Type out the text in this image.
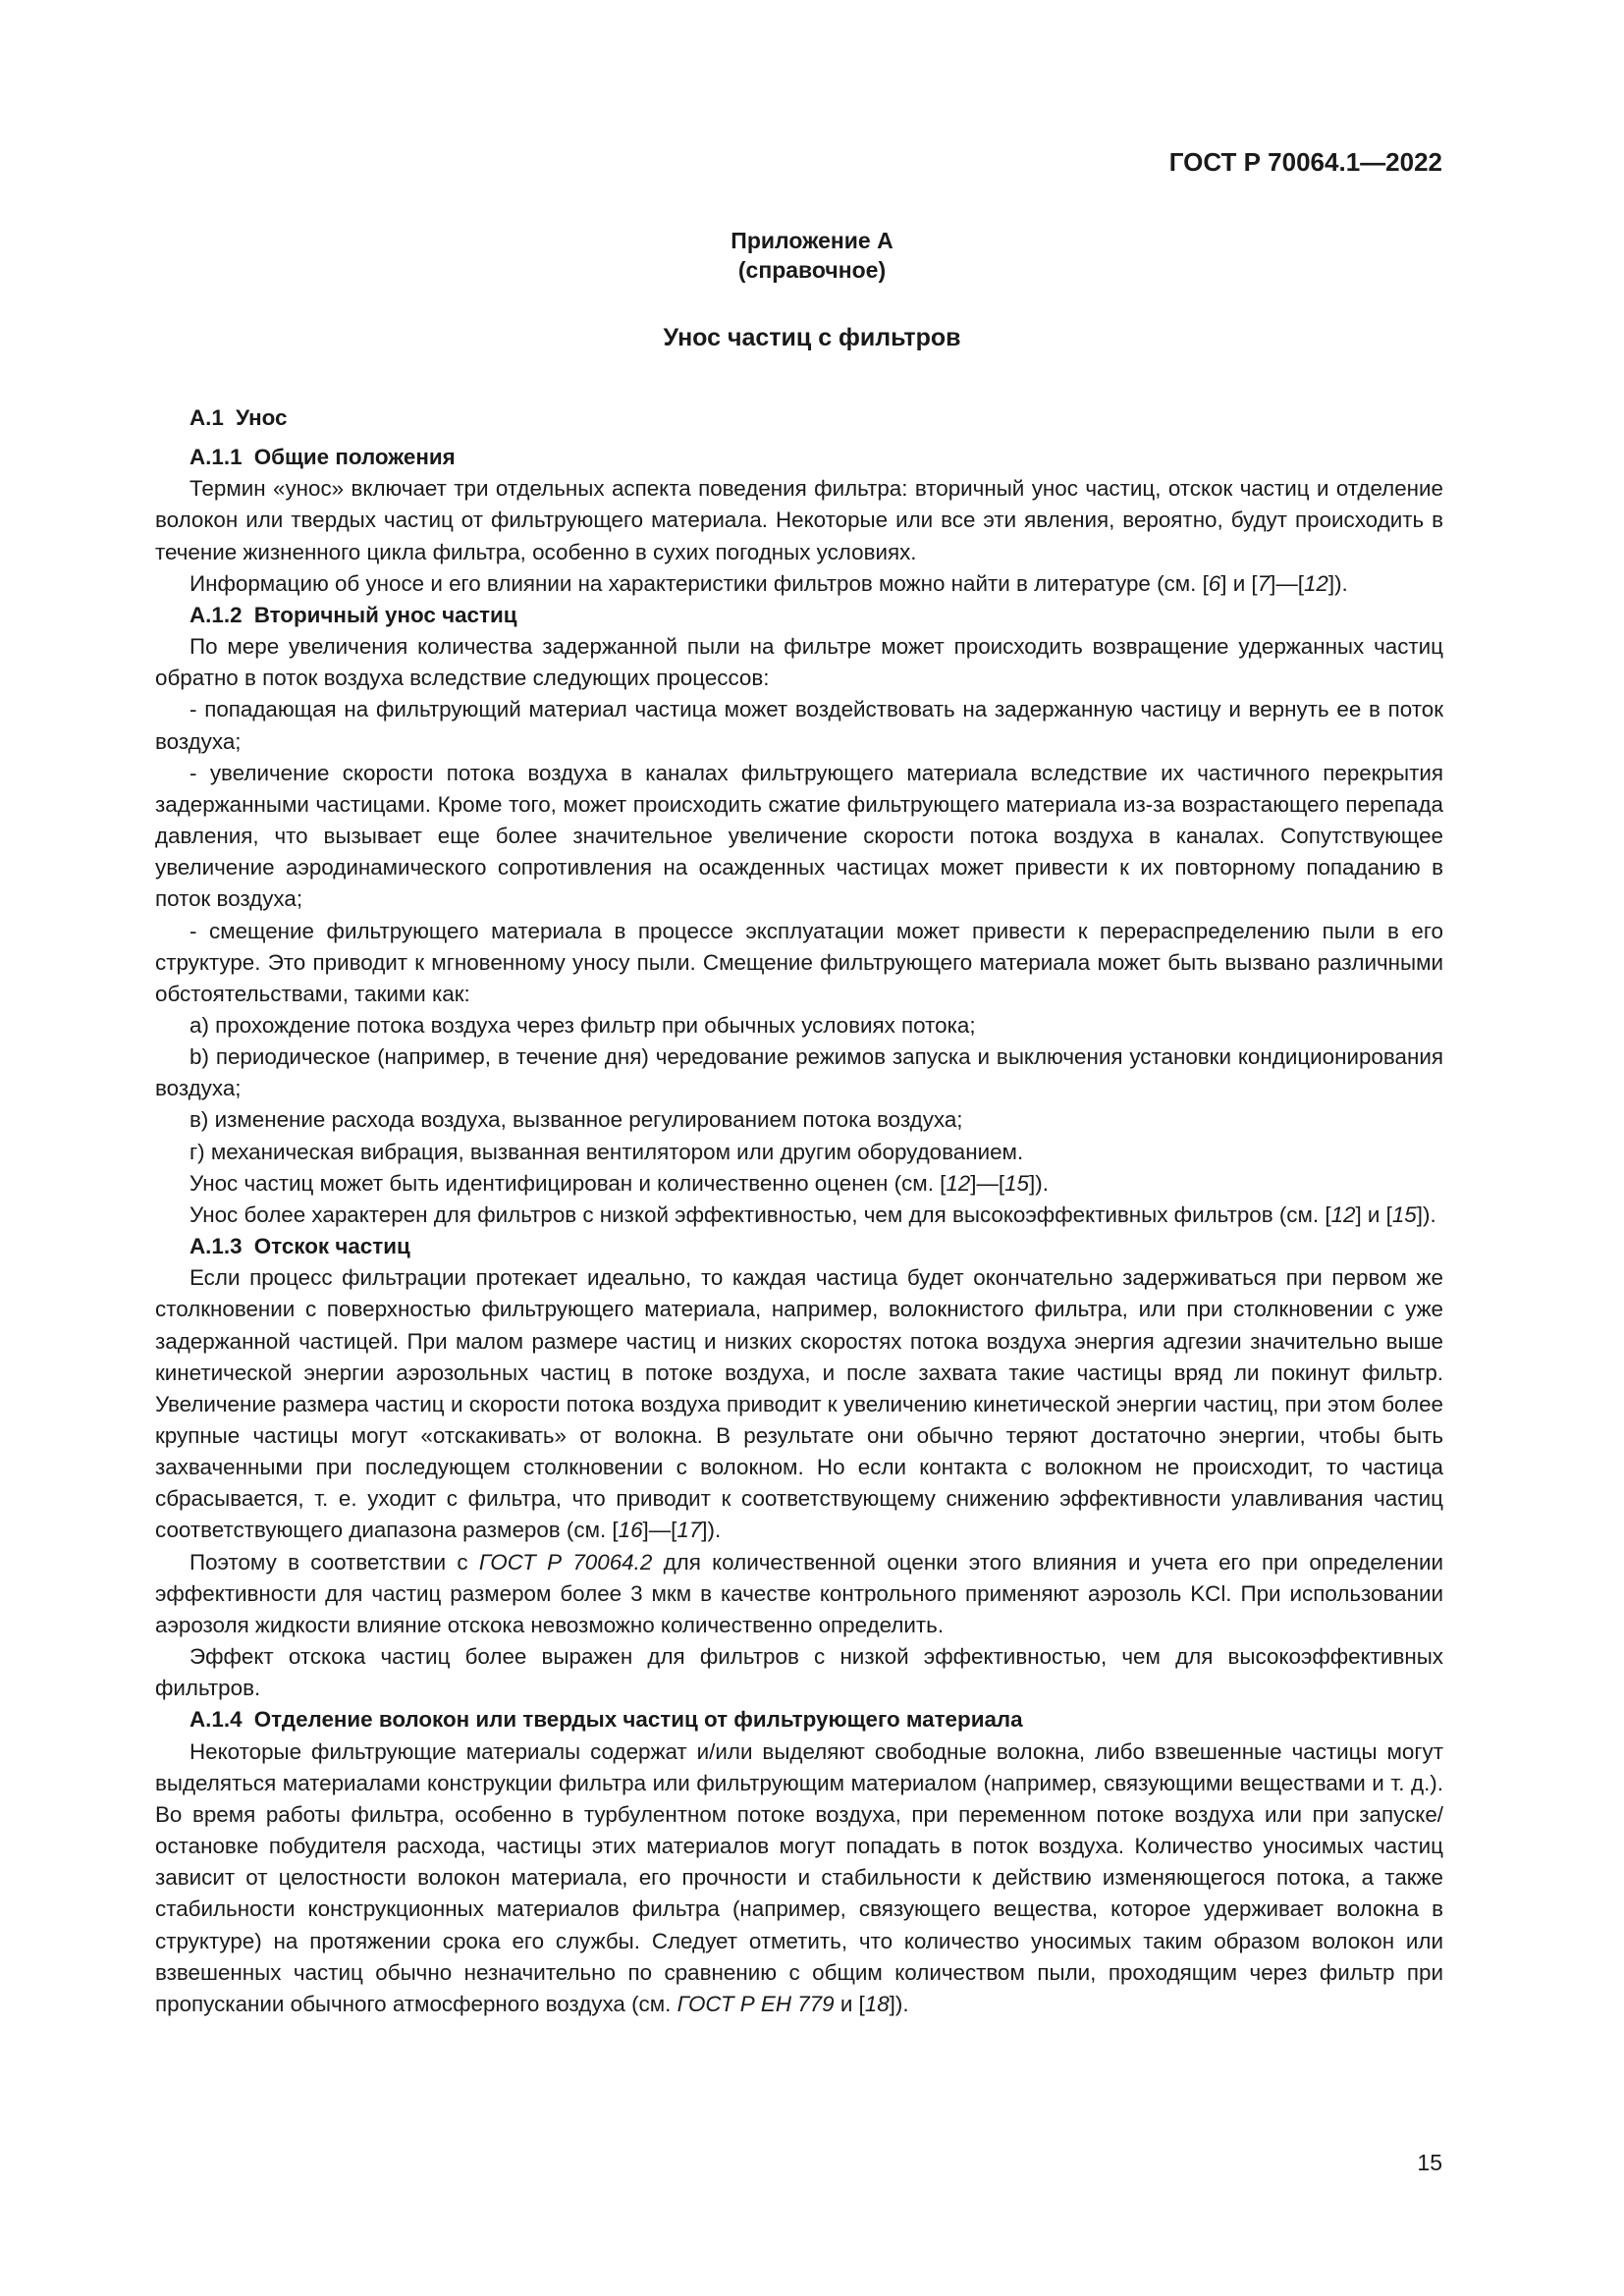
ГОСТ Р 70064.1—2022
Приложение А
(справочное)
Унос частиц с фильтров

А.1 Унос

А.1.1 Общие положения

Термин «унос» включает три отдельных аспекта поведения фильтра: вторичный унос частиц, отскок частиц и отделение волокон или твердых частиц от фильтрующего материала. Некоторые или все эти явления, вероятно, будут происходить в течение жизненного цикла фильтра, особенно в сухих погодных условиях.

Информацию об уносе и его влиянии на характеристики фильтров можно найти в литературе (см. [6] и [7]—[12]).

А.1.2 Вторичный унос частиц

По мере увеличения количества задержанной пыли на фильтре может происходить возвращение удержанных частиц обратно в поток воздуха вследствие следующих процессов:

- попадающая на фильтрующий материал частица может воздействовать на задержанную частицу и вернуть ее в поток воздуха;

- увеличение скорости потока воздуха в каналах фильтрующего материала вследствие их частичного перекрытия задержанными частицами. Кроме того, может происходить сжатие фильтрующего материала из-за возрастающего перепада давления, что вызывает еще более значительное увеличение скорости потока воздуха в каналах. Сопутствующее увеличение аэродинамического сопротивления на осажденных частицах может привести к их повторному попаданию в поток воздуха;

- смещение фильтрующего материала в процессе эксплуатации может привести к перераспределению пыли в его структуре. Это приводит к мгновенному уносу пыли. Смещение фильтрующего материала может быть вызвано различными обстоятельствами, такими как:

а) прохождение потока воздуха через фильтр при обычных условиях потока;

b) периодическое (например, в течение дня) чередование режимов запуска и выключения установки кондиционирования воздуха;

в) изменение расхода воздуха, вызванное регулированием потока воздуха;

г) механическая вибрация, вызванная вентилятором или другим оборудованием.

Унос частиц может быть идентифицирован и количественно оценен (см. [12]—[15]).

Унос более характерен для фильтров с низкой эффективностью, чем для высокоэффективных фильтров (см. [12] и [15]).

А.1.3 Отскок частиц

Если процесс фильтрации протекает идеально, то каждая частица будет окончательно задерживаться при первом же столкновении с поверхностью фильтрующего материала, например, волокнистого фильтра, или при столкновении с уже задержанной частицей. При малом размере частиц и низких скоростях потока воздуха энергия адгезии значительно выше кинетической энергии аэрозольных частиц в потоке воздуха, и после захвата такие частицы вряд ли покинут фильтр. Увеличение размера частиц и скорости потока воздуха приводит к увеличению кинетической энергии частиц, при этом более крупные частицы могут «отскакивать» от волокна. В результате они обычно теряют достаточно энергии, чтобы быть захваченными при последующем столкновении с волокном. Но если контакта с волокном не происходит, то частица сбрасывается, т. е. уходит с фильтра, что приводит к соответствующему снижению эффективности улавливания частиц соответствующего диапазона размеров (см. [16]—[17]).

Поэтому в соответствии с ГОСТ Р 70064.2 для количественной оценки этого влияния и учета его при определении эффективности для частиц размером более 3 мкм в качестве контрольного применяют аэрозоль KCl. При использовании аэрозоля жидкости влияние отскока невозможно количественно определить.

Эффект отскока частиц более выражен для фильтров с низкой эффективностью, чем для высокоэффективных фильтров.

А.1.4 Отделение волокон или твердых частиц от фильтрующего материала

Некоторые фильтрующие материалы содержат и/или выделяют свободные волокна, либо взвешенные частицы могут выделяться материалами конструкции фильтра или фильтрующим материалом (например, связующими веществами и т. д.). Во время работы фильтра, особенно в турбулентном потоке воздуха, при переменном потоке воздуха или при запуске/остановке побудителя расхода, частицы этих материалов могут попадать в поток воздуха. Количество уносимых частиц зависит от целостности волокон материала, его прочности и стабильности к действию изменяющегося потока, а также стабильности конструкционных материалов фильтра (например, связующего вещества, которое удерживает волокна в структуре) на протяжении срока его службы. Следует отметить, что количество уносимых таким образом волокон или взвешенных частиц обычно незначительно по сравнению с общим количеством пыли, проходящим через фильтр при пропускании обычного атмосферного воздуха (см. ГОСТ Р ЕН 779 и [18]).

15
